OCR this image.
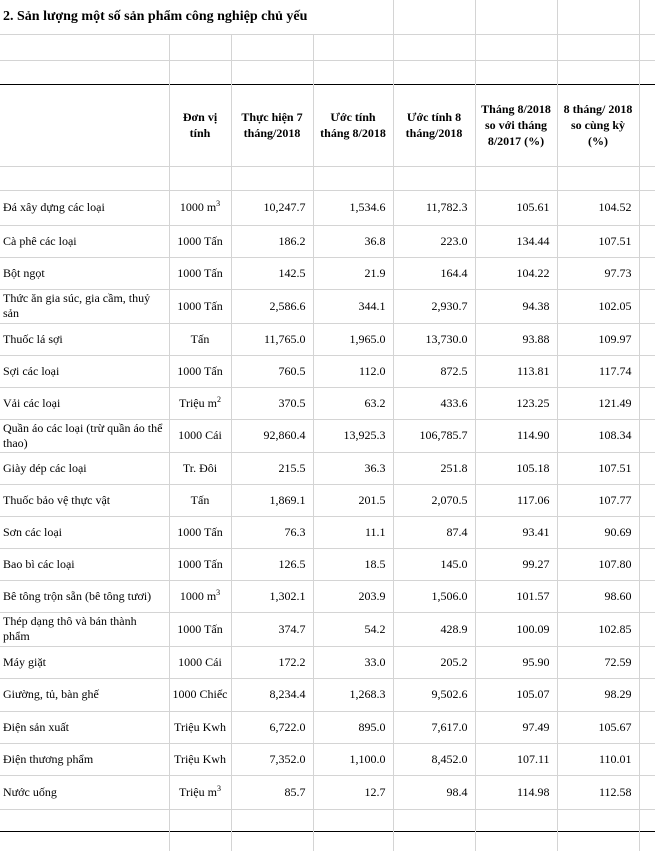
2. Sản lượng một số sản phẩm công nghiệp chủ yếu							

	Đơn vị tính	Thực hiện 7 tháng/2018	Ước tính tháng 8/2018	Ước tính 8 tháng/2018	Tháng 8/2018 so với tháng 8/2017 (%)	8 tháng/ 2018 so cùng kỳ (%)	

Đá xây dựng các loại	1000 $m^3$	10,247.7	1,534.6	11,782.3	105.61	104.52	
Cà phê các loại	1000 Tấn	186.2	36.8	223.0	134.44	107.51	
Bột ngọt	1000 Tấn	142.5	21.9	164.4	104.22	97.73	
Thức ăn gia súc, gia cầm, thuỷ sản	1000 Tấn	2,586.6	344.1	2,930.7	94.38	102.05	
Thuốc lá sợi	Tấn	11,765.0	1,965.0	13,730.0	93.88	109.97	
Sợi các loại	1000 Tấn	760.5	112.0	872.5	113.81	117.74	
Vải các loại	Triệu $m^2$	370.5	63.2	433.6	123.25	121.49	
Quần áo các loại (trừ quần áo thể thao)	1000 Cái	92,860.4	13,925.3	106,785.7	114.90	108.34	
Giày dép các loại	Tr. Đôi	215.5	36.3	251.8	105.18	107.51	
Thuốc bảo vệ thực vật	Tấn	1,869.1	201.5	2,070.5	117.06	107.77	
Sơn các loại	1000 Tấn	76.3	11.1	87.4	93.41	90.69	
Bao bì các loại	1000 Tấn	126.5	18.5	145.0	99.27	107.80	
Bê tông trộn sẵn (bê tông tươi)	1000 $m^3$	1,302.1	203.9	1,506.0	101.57	98.60	
Thép dạng thô và bán thành phẩm	1000 Tấn	374.7	54.2	428.9	100.09	102.85	
Máy giặt	1000 Cái	172.2	33.0	205.2	95.90	72.59	
Giường, tủ, bàn ghế	1000 Chiếc	8,234.4	1,268.3	9,502.6	105.07	98.29	
Điện sản xuất	Triệu Kwh	6,722.0	895.0	7,617.0	97.49	105.67	
Điện thương phẩm	Triệu Kwh	7,352.0	1,100.0	8,452.0	107.11	110.01	
Nước uống	Triệu $m^3$	85.7	12.7	98.4	114.98	112.58	
